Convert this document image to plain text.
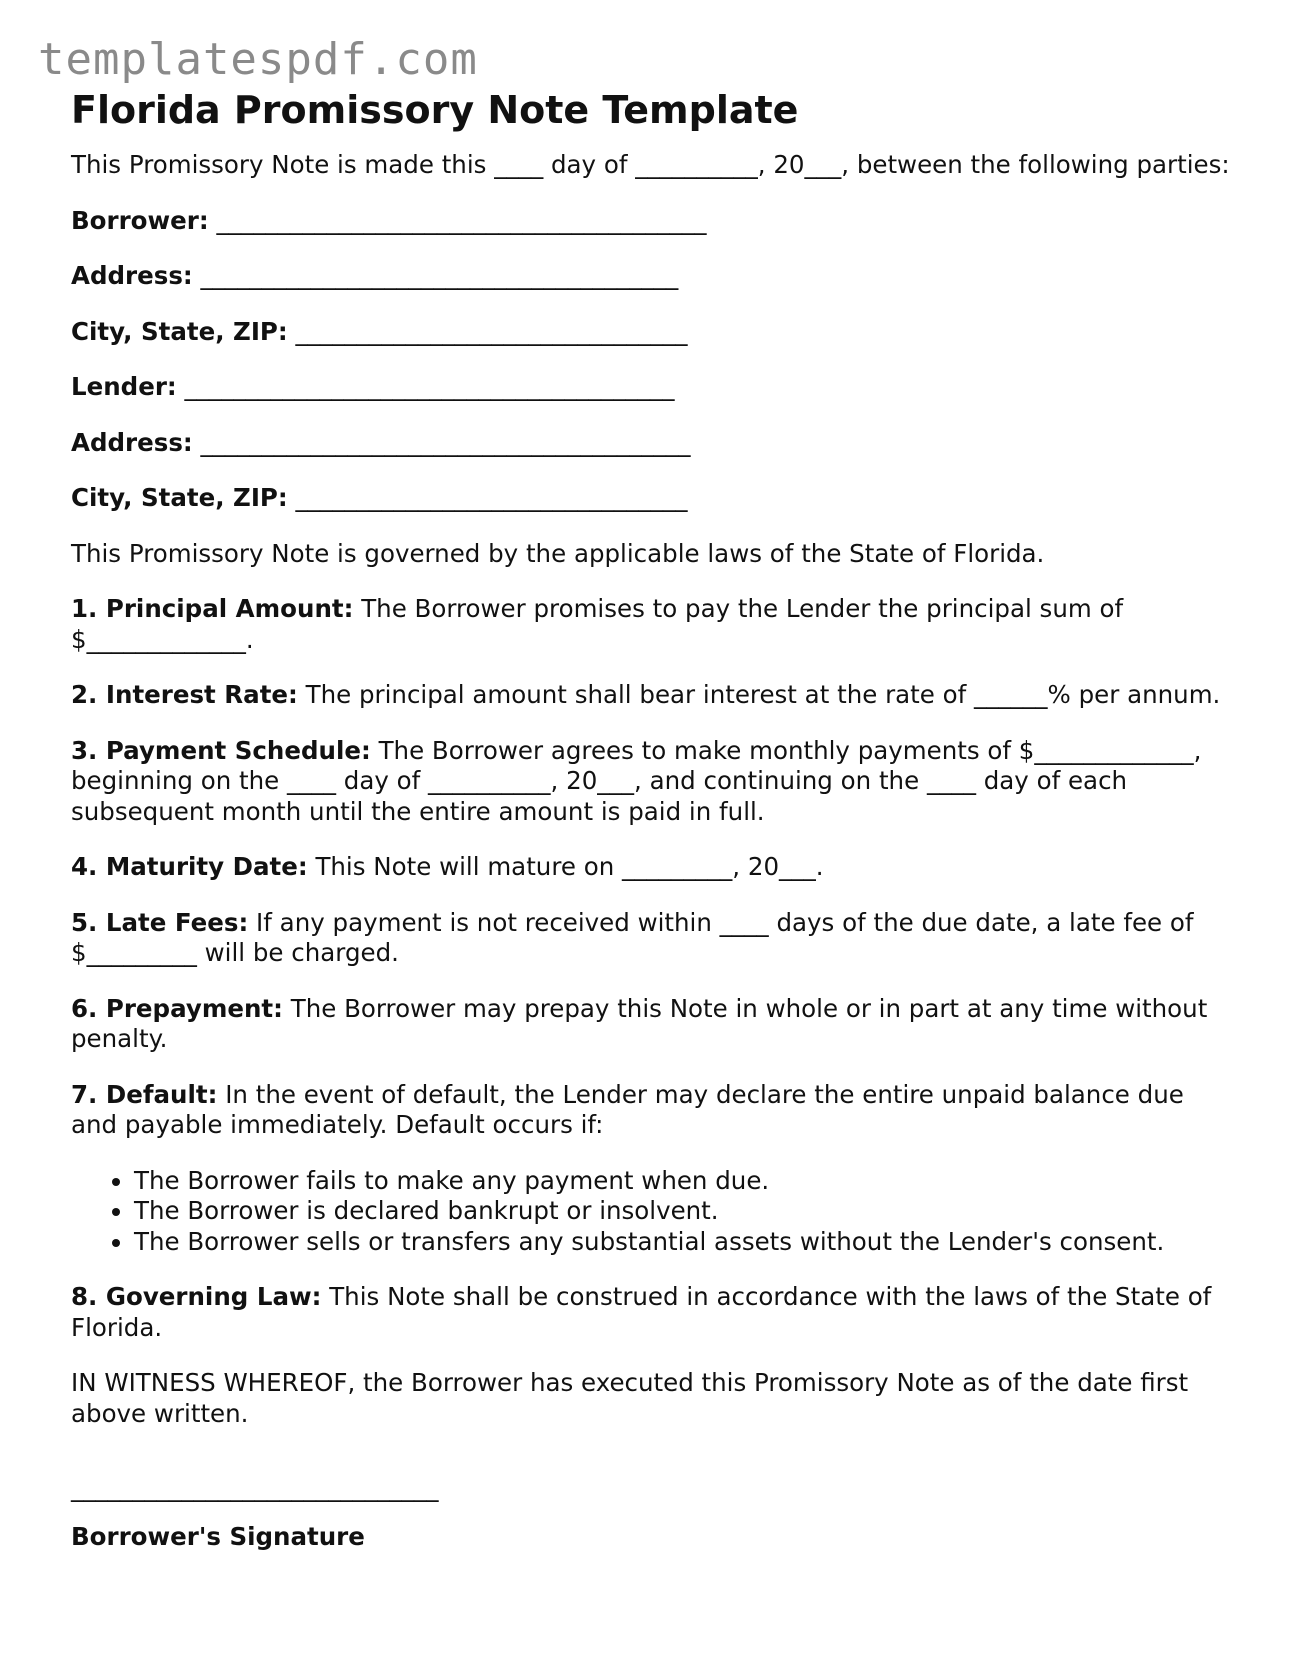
templatespdf.com
Florida Promissory Note Template

This Promissory Note is made this ____ day of __________, 20___, between the following parties:

Borrower: ________________________________________
Address: _______________________________________
City, State, ZIP: ________________________________
Lender: ________________________________________
Address: ________________________________________
City, State, ZIP: ________________________________

This Promissory Note is governed by the applicable laws of the State of Florida.

1. Principal Amount: The Borrower promises to pay the Lender the principal sum of $_____________.

2. Interest Rate: The principal amount shall bear interest at the rate of ______% per annum.

3. Payment Schedule: The Borrower agrees to make monthly payments of $_____________, beginning on the ____ day of __________, 20___, and continuing on the ____ day of each subsequent month until the entire amount is paid in full.

4. Maturity Date: This Note will mature on _________, 20___.

5. Late Fees: If any payment is not received within ____ days of the due date, a late fee of $_________ will be charged.

6. Prepayment: The Borrower may prepay this Note in whole or in part at any time without penalty.

7. Default: In the event of default, the Lender may declare the entire unpaid balance due and payable immediately. Default occurs if:

• The Borrower fails to make any payment when due.
• The Borrower is declared bankrupt or insolvent.
• The Borrower sells or transfers any substantial assets without the Lender's consent.

8. Governing Law: This Note shall be construed in accordance with the laws of the State of Florida.

IN WITNESS WHEREOF, the Borrower has executed this Promissory Note as of the date first above written.

______________________________
Borrower's Signature
